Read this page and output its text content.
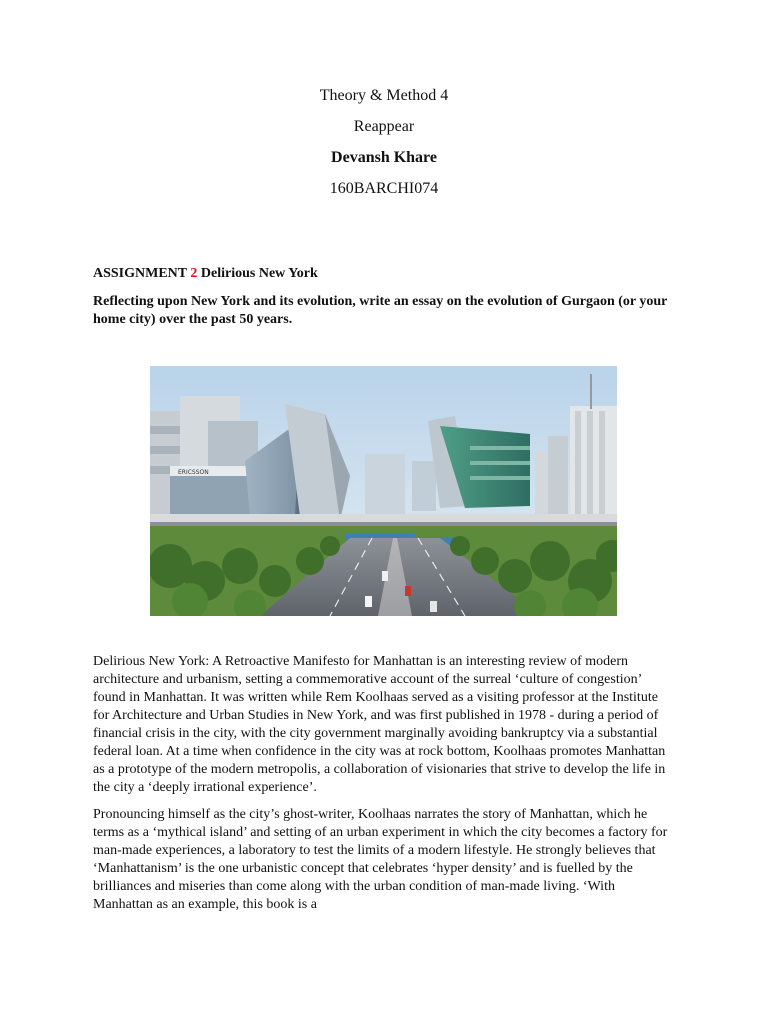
Theory & Method 4
Reappear
Devansh Khare
160BARCHI074
ASSIGNMENT 2 Delirious New York

Reflecting upon New York and its evolution, write an essay on the evolution of Gurgaon (or your home city) over the past 50 years.

ERICSSON

Delirious New York: A Retroactive Manifesto for Manhattan is an interesting review of modern architecture and urbanism, setting a commemorative account of the surreal ‘culture of congestion’ found in Manhattan. It was written while Rem Koolhaas served as a visiting professor at the Institute for Architecture and Urban Studies in New York, and was first published in 1978 - during a period of financial crisis in the city, with the city government marginally avoiding bankruptcy via a substantial federal loan. At a time when confidence in the city was at rock bottom, Koolhaas promotes Manhattan as a prototype of the modern metropolis, a collaboration of visionaries that strive to develop the life in the city a ‘deeply irrational experience’.

Pronouncing himself as the city’s ghost-writer, Koolhaas narrates the story of Manhattan, which he terms as a ‘mythical island’ and setting of an urban experiment in which the city becomes a factory for man-made experiences, a laboratory to test the limits of a modern lifestyle. He strongly believes that ‘Manhattanism’ is the one urbanistic concept that celebrates ‘hyper density’ and is fuelled by the brilliances and miseries than come along with the urban condition of man-made living. ‘With Manhattan as an example, this book is a
